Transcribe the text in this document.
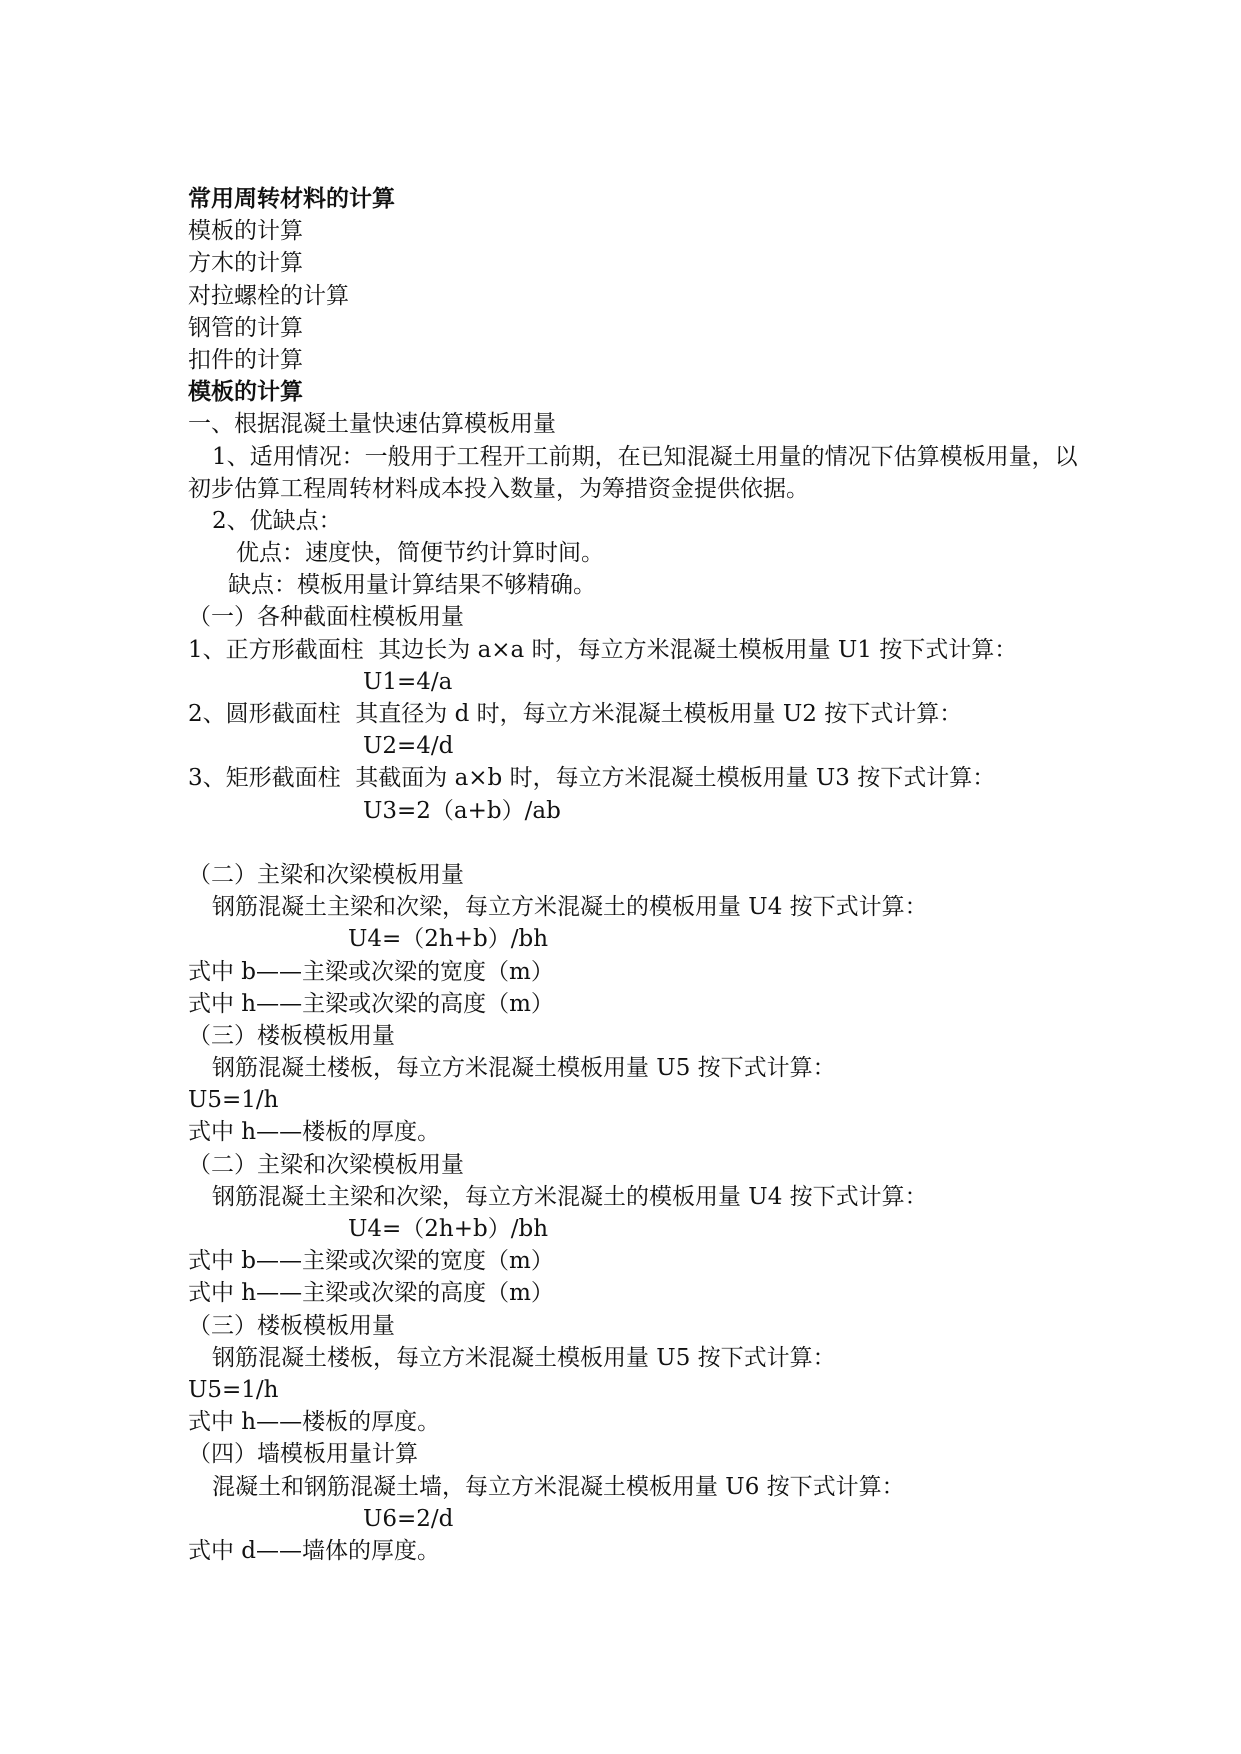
常用周转材料的计算
模板的计算
方木的计算
对拉螺栓的计算
钢管的计算
扣件的计算
模板的计算
一、根据混凝土量快速估算模板用量
1、适用情况：一般用于工程开工前期，在已知混凝土用量的情况下估算模板用量，以初步估算工程周转材料成本投入数量，为筹措资金提供依据。
2、优缺点：
优点：速度快，简便节约计算时间。
缺点：模板用量计算结果不够精确。
（一）各种截面柱模板用量
1、正方形截面柱  其边长为 a×a 时，每立方米混凝土模板用量 U1 按下式计算：
U1=4/a
2、圆形截面柱  其直径为 d 时，每立方米混凝土模板用量 U2 按下式计算：
U2=4/d
3、矩形截面柱  其截面为 a×b 时，每立方米混凝土模板用量 U3 按下式计算：
U3=2（a+b）/ab
（二）主梁和次梁模板用量
钢筋混凝土主梁和次梁，每立方米混凝土的模板用量 U4 按下式计算：
U4=（2h+b）/bh
式中 b——主梁或次梁的宽度（m）
式中 h——主梁或次梁的高度（m）
（三）楼板模板用量
钢筋混凝土楼板，每立方米混凝土模板用量 U5 按下式计算：
U5=1/h
式中 h——楼板的厚度。
（二）主梁和次梁模板用量
钢筋混凝土主梁和次梁，每立方米混凝土的模板用量 U4 按下式计算：
U4=（2h+b）/bh
式中 b——主梁或次梁的宽度（m）
式中 h——主梁或次梁的高度（m）
（三）楼板模板用量
钢筋混凝土楼板，每立方米混凝土模板用量 U5 按下式计算：
U5=1/h
式中 h——楼板的厚度。
（四）墙模板用量计算
混凝土和钢筋混凝土墙，每立方米混凝土模板用量 U6 按下式计算：
U6=2/d
式中 d——墙体的厚度。
